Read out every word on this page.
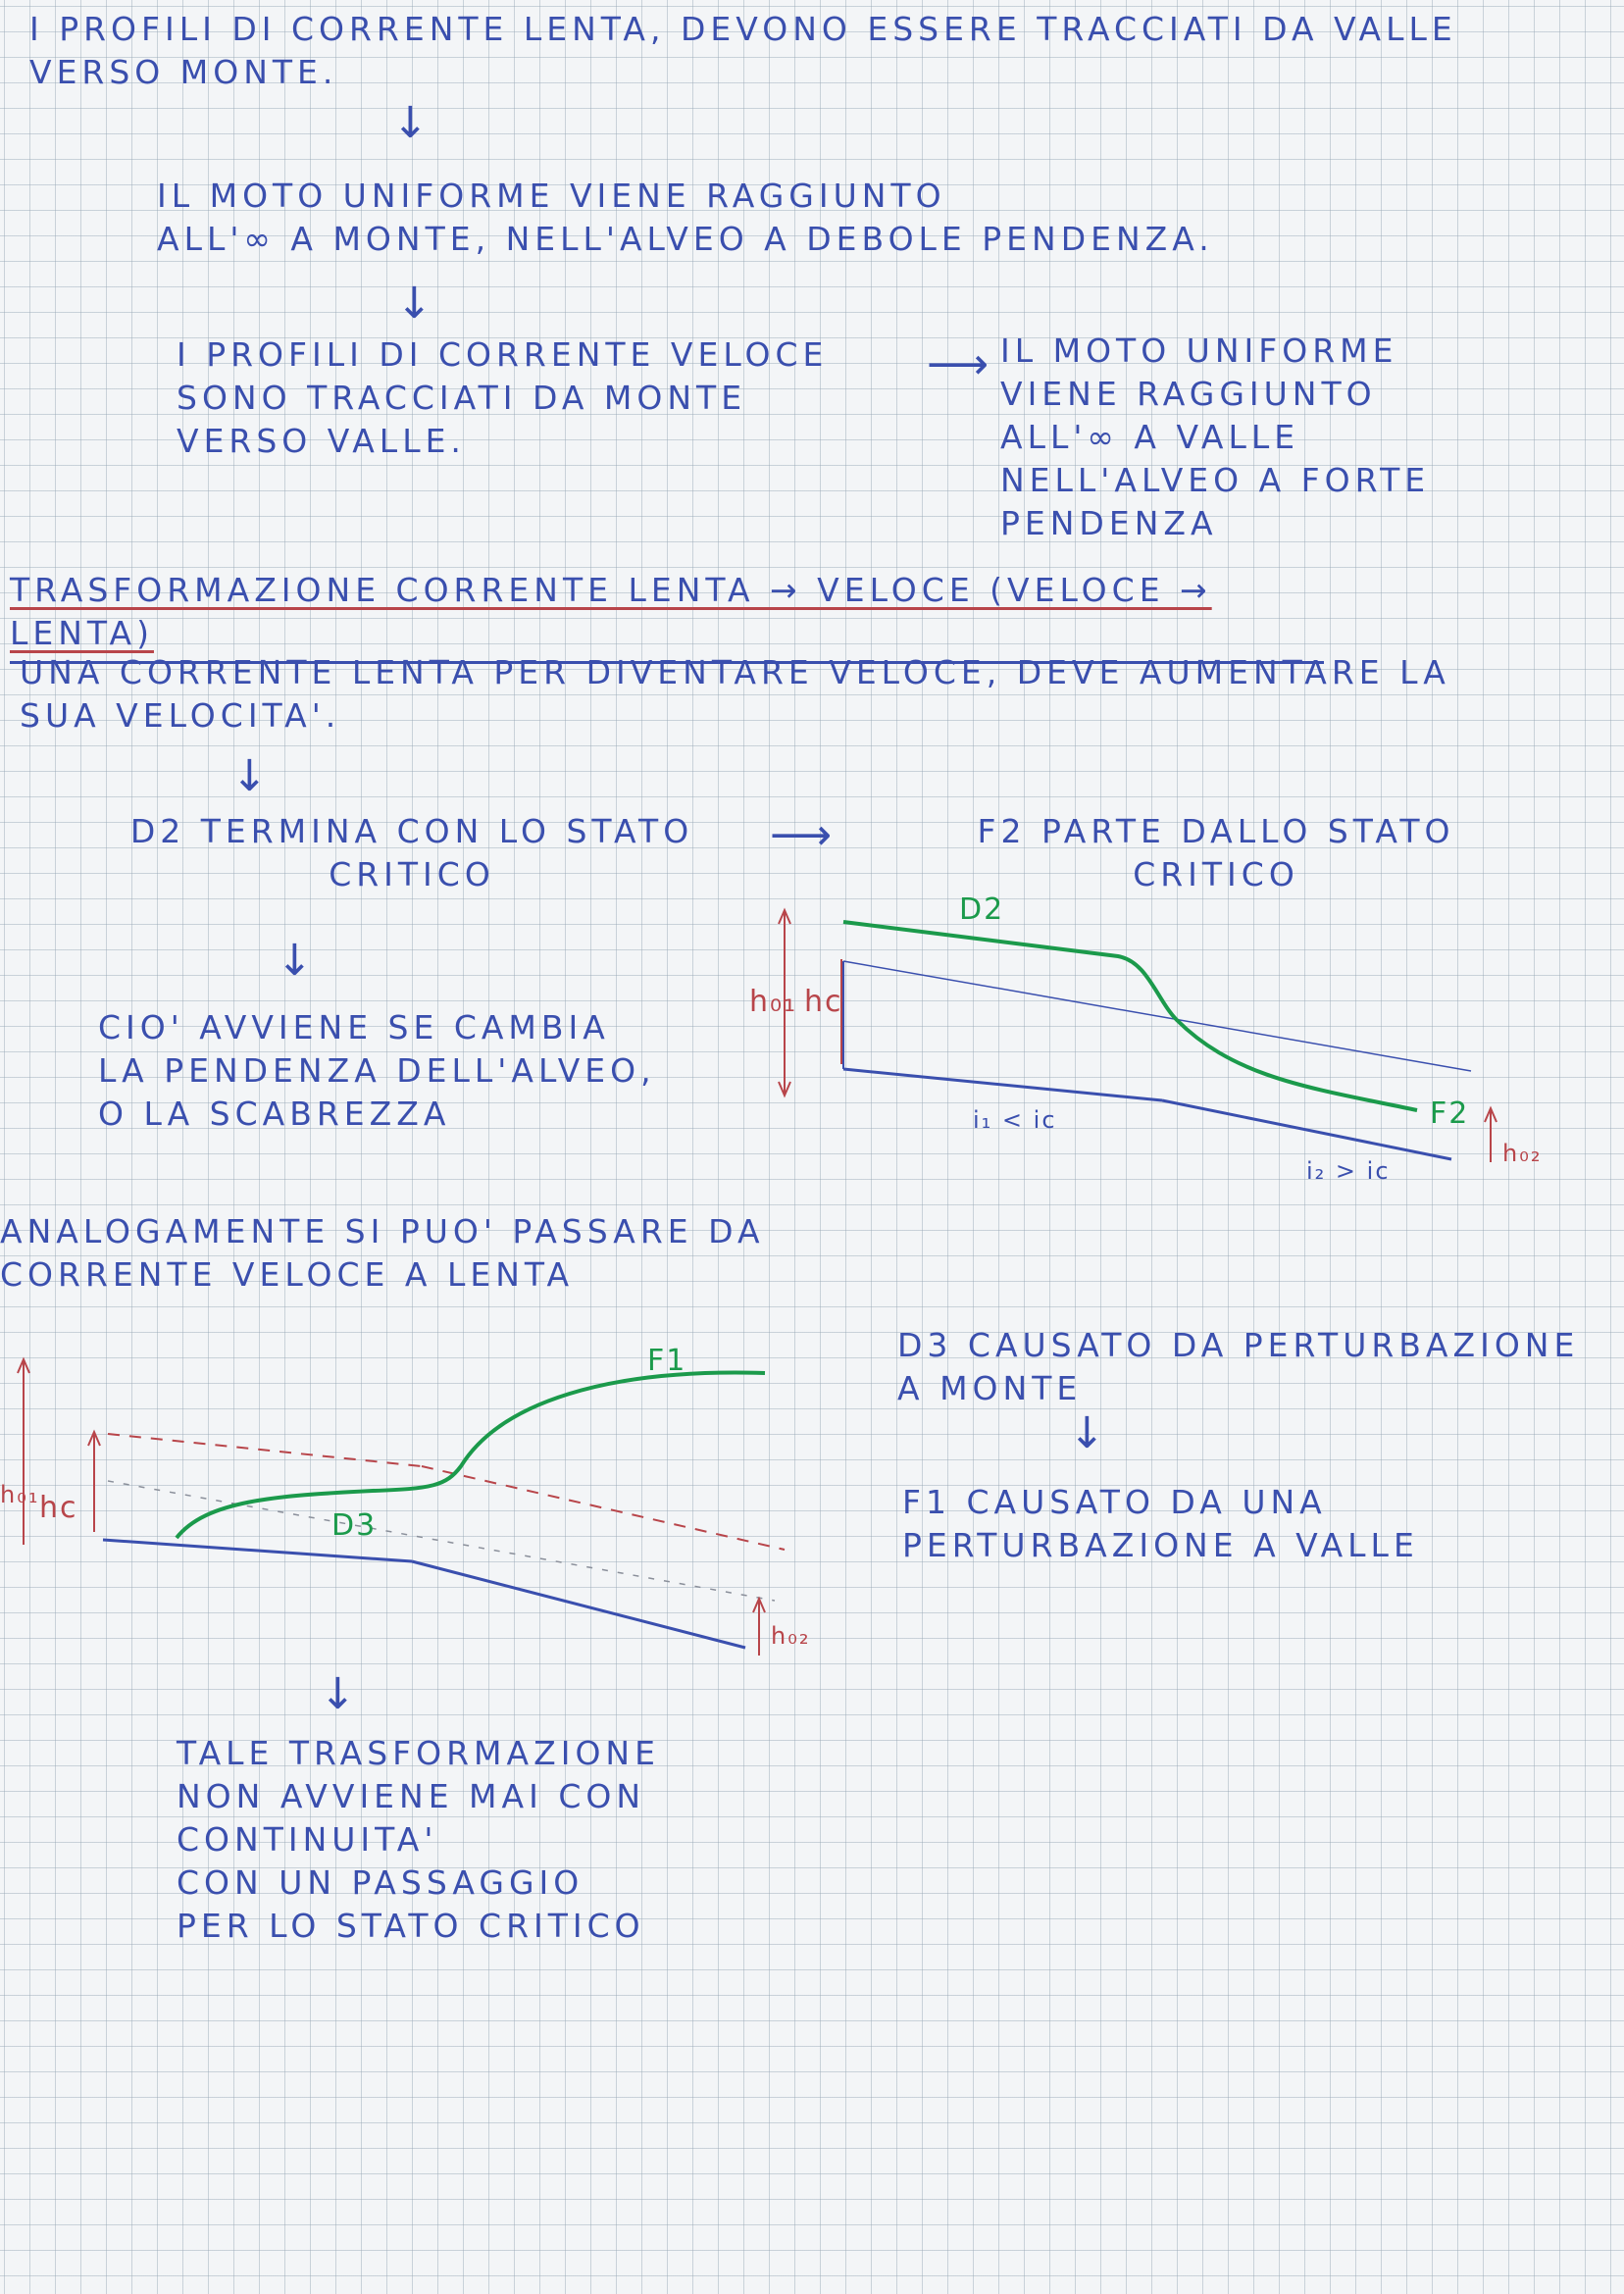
I PROFILI DI CORRENTE LENTA, DEVONO ESSERE TRACCIATI DA VALLE
VERSO MONTE.

↓

IL MOTO UNIFORME VIENE RAGGIUNTO
ALL'∞ A MONTE, NELL'ALVEO A DEBOLE PENDENZA.

↓

I PROFILI DI CORRENTE VELOCE
SONO TRACCIATI DA MONTE
VERSO VALLE.

⟶ IL MOTO UNIFORME
VIENE RAGGIUNTO
ALL'∞ A VALLE
NELL'ALVEO A FORTE
PENDENZA

TRASFORMAZIONE CORRENTE LENTA → VELOCE (VELOCE → LENTA)

UNA CORRENTE LENTA PER DIVENTARE VELOCE, DEVE AUMENTARE LA
SUA VELOCITA'.

↓

D2 TERMINA CON LO STATO
CRITICO

⟶	F2 PARTE DALLO STATO
CRITICO

↓

CIO' AVVIENE SE CAMBIA
LA PENDENZA DELL'ALVEO,
O LA SCABREZZA

D2
F2
h₀₁ hc
h₀₂
i₁ < ic
i₂ > ic

ANALOGAMENTE SI PUO' PASSARE DA
CORRENTE VELOCE A LENTA

D3 CAUSATO DA PERTURBAZIONE
A MONTE

↓

F1 CAUSATO DA UNA
PERTURBAZIONE A VALLE

F1
D3
h₀₁ hc
h₀₂
↓

TALE TRASFORMAZIONE
NON AVVIENE MAI CON
CONTINUITA'
CON UN PASSAGGIO
PER LO STATO CRITICO
